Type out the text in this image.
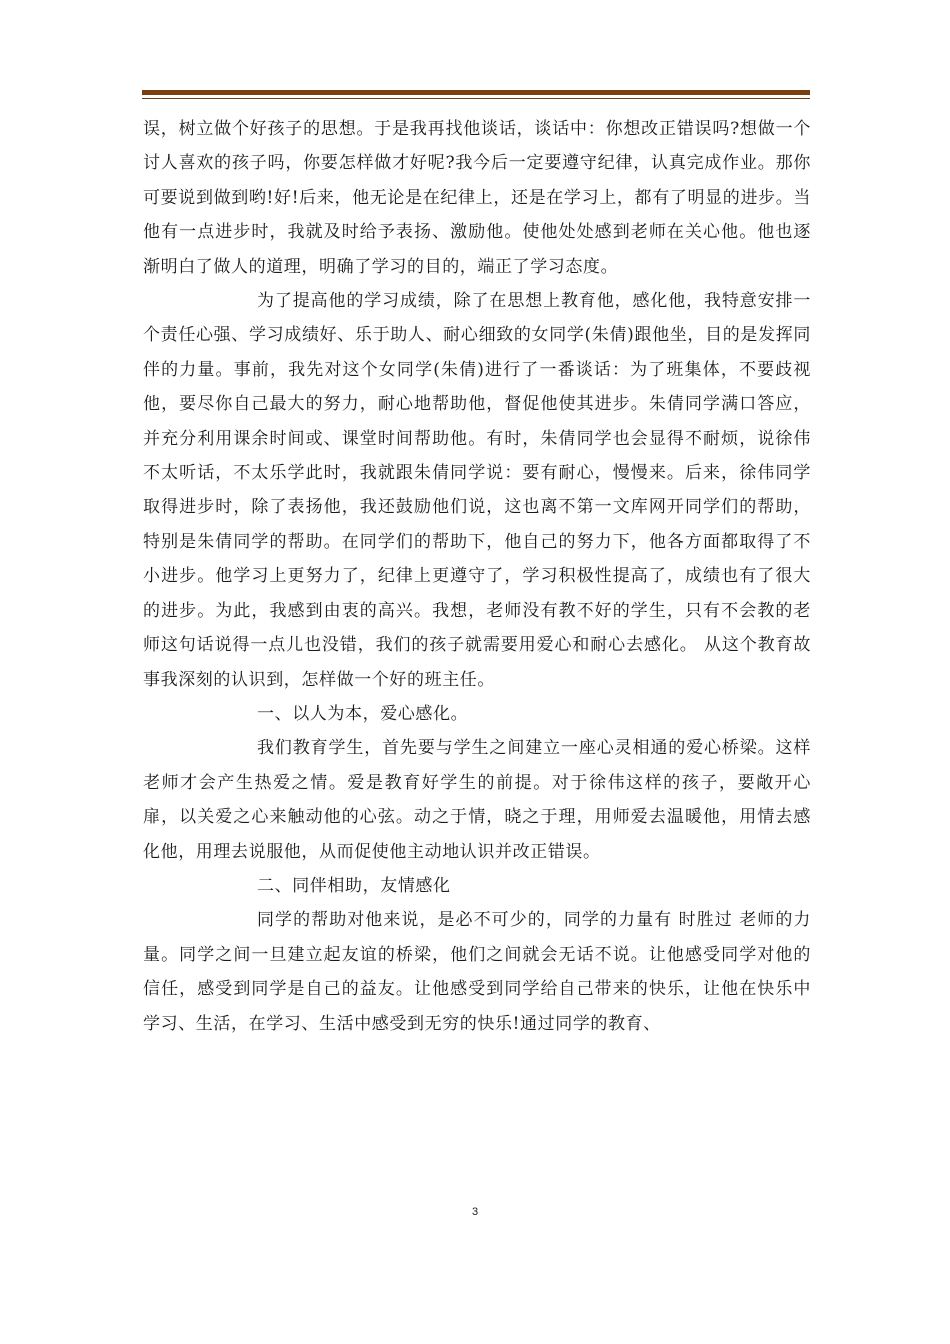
误，树立做个好孩子的思想。于是我再找他谈话，谈话中：你想改正错误吗?想做一个讨人喜欢的孩子吗，你要怎样做才好呢?我今后一定要遵守纪律，认真完成作业。那你可要说到做到哟!好!后来，他无论是在纪律上，还是在学习上，都有了明显的进步。当他有一点进步时，我就及时给予表扬、激励他。使他处处感到老师在关心他。他也逐渐明白了做人的道理，明确了学习的目的，端正了学习态度。

为了提高他的学习成绩，除了在思想上教育他，感化他，我特意安排一个责任心强、学习成绩好、乐于助人、耐心细致的女同学(朱倩)跟他坐，目的是发挥同伴的力量。事前，我先对这个女同学(朱倩)进行了一番谈话：为了班集体，不要歧视他，要尽你自己最大的努力，耐心地帮助他，督促他使其进步。朱倩同学满口答应，并充分利用课余时间或、课堂时间帮助他。有时，朱倩同学也会显得不耐烦，说徐伟不太听话，不太乐学此时，我就跟朱倩同学说：要有耐心，慢慢来。后来，徐伟同学取得进步时，除了表扬他，我还鼓励他们说，这也离不第一文库网开同学们的帮助，特别是朱倩同学的帮助。在同学们的帮助下，他自己的努力下，他各方面都取得了不小进步。他学习上更努力了，纪律上更遵守了，学习积极性提高了，成绩也有了很大的进步。为此，我感到由衷的高兴。我想，老师没有教不好的学生，只有不会教的老师这句话说得一点儿也没错，我们的孩子就需要用爱心和耐心去感化。 从这个教育故事我深刻的认识到，怎样做一个好的班主任。

一、以人为本，爱心感化。

我们教育学生，首先要与学生之间建立一座心灵相通的爱心桥梁。这样老师才会产生热爱之情。爱是教育好学生的前提。对于徐伟这样的孩子，要敞开心扉，以关爱之心来触动他的心弦。动之于情，晓之于理，用师爱去温暖他，用情去感化他，用理去说服他，从而促使他主动地认识并改正错误。

二、同伴相助，友情感化

同学的帮助对他来说，是必不可少的，同学的力量有 时胜过 老师的力量。同学之间一旦建立起友谊的桥梁，他们之间就会无话不说。让他感受同学对他的信任，感受到同学是自己的益友。让他感受到同学给自己带来的快乐，让他在快乐中学习、生活，在学习、生活中感受到无穷的快乐!通过同学的教育、

3
